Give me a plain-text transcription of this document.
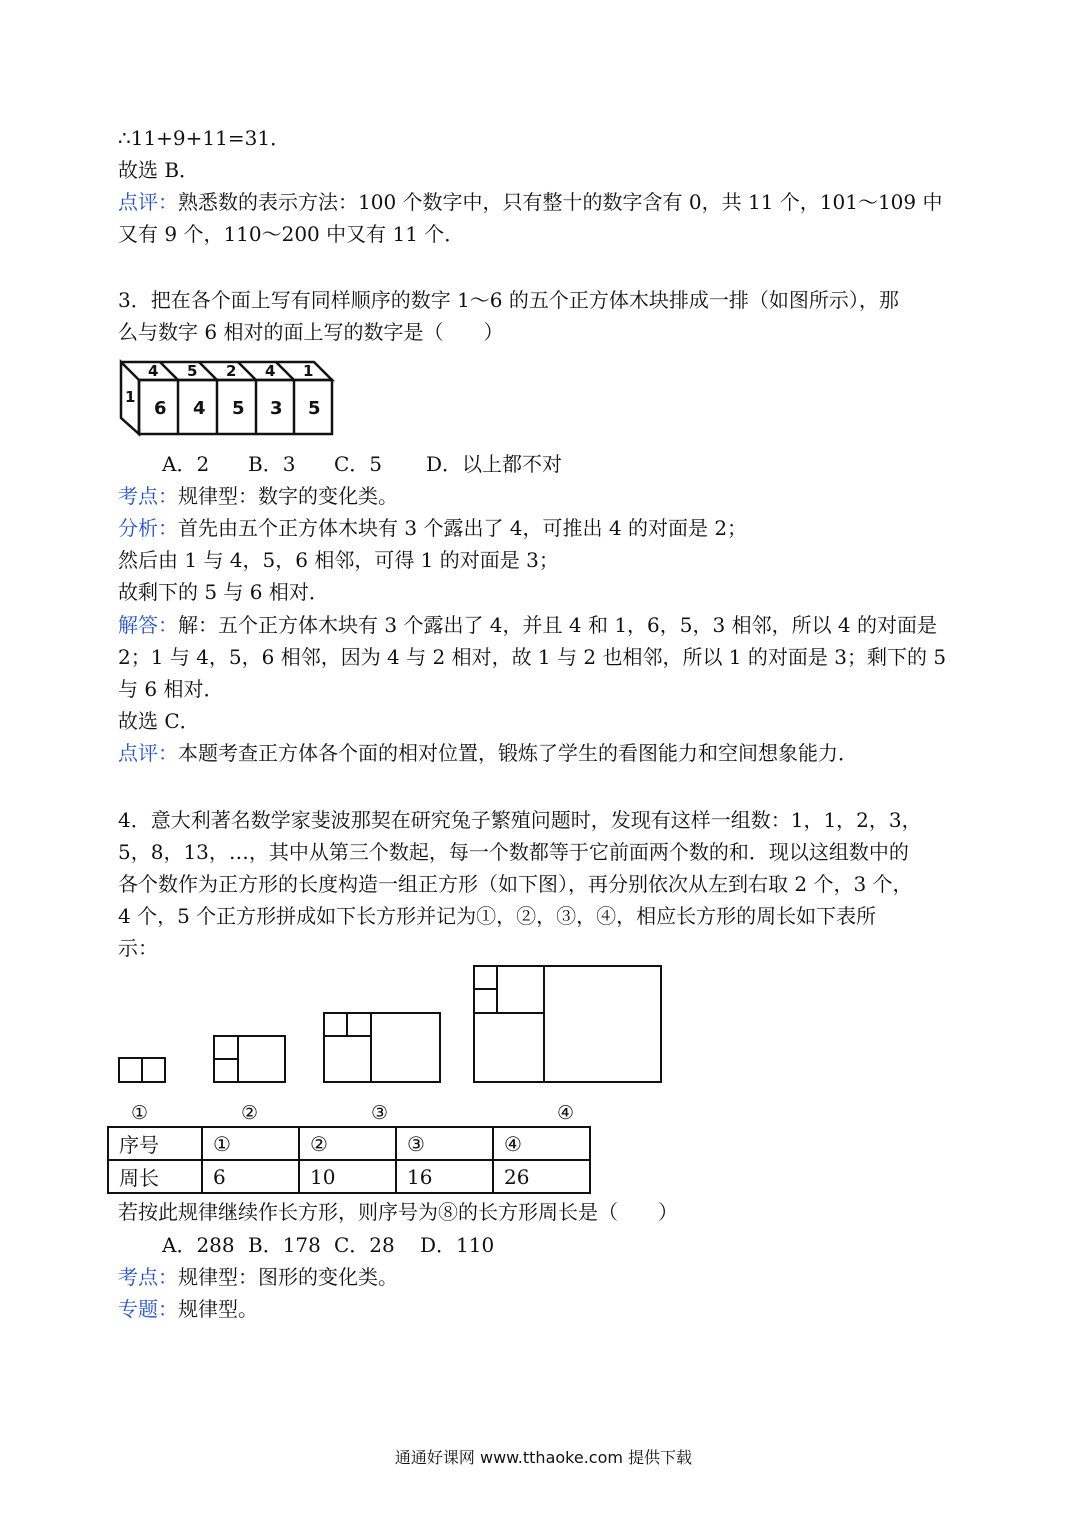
∴11+9+11=31．
故选 B．
点评：熟悉数的表示方法：100 个数字中，只有整十的数字含有 0，共 11 个，101～109 中
又有 9 个，110～200 中又有 11 个．
3．把在各个面上写有同样顺序的数字 1～6 的五个正方体木块排成一排（如图所示），那
么与数字 6 相对的面上写的数字是（　　）
4 5 2 4 1
1
6 4 5 3 5
A．2 B．3 C．5 D．以上都不对
考点：规律型：数字的变化类。
分析：首先由五个正方体木块有 3 个露出了 4，可推出 4 的对面是 2；
然后由 1 与 4，5，6 相邻，可得 1 的对面是 3；
故剩下的 5 与 6 相对．
解答：解：五个正方体木块有 3 个露出了 4，并且 4 和 1，6，5，3 相邻，所以 4 的对面是
2；1 与 4，5，6 相邻，因为 4 与 2 相对，故 1 与 2 也相邻，所以 1 的对面是 3；剩下的 5
与 6 相对．
故选 C．
点评：本题考查正方体各个面的相对位置，锻炼了学生的看图能力和空间想象能力．
4．意大利著名数学家斐波那契在研究兔子繁殖问题时，发现有这样一组数：1，1，2，3，
5，8，13，…，其中从第三个数起，每一个数都等于它前面两个数的和．现以这组数中的
各个数作为正方形的长度构造一组正方形（如下图），再分别依次从左到右取 2 个，3 个，
4 个，5 个正方形拼成如下长方形并记为①，②，③，④，相应长方形的周长如下表所
示：
①	②	③	④
序号	①	②	③	④
周长	6	10	16	26
若按此规律继续作长方形，则序号为⑧的长方形周长是（　　）
A．288 B．178 C．28 D．110
考点：规律型：图形的变化类。
专题：规律型。
通通好课网 www.tthaoke.com 提供下载
